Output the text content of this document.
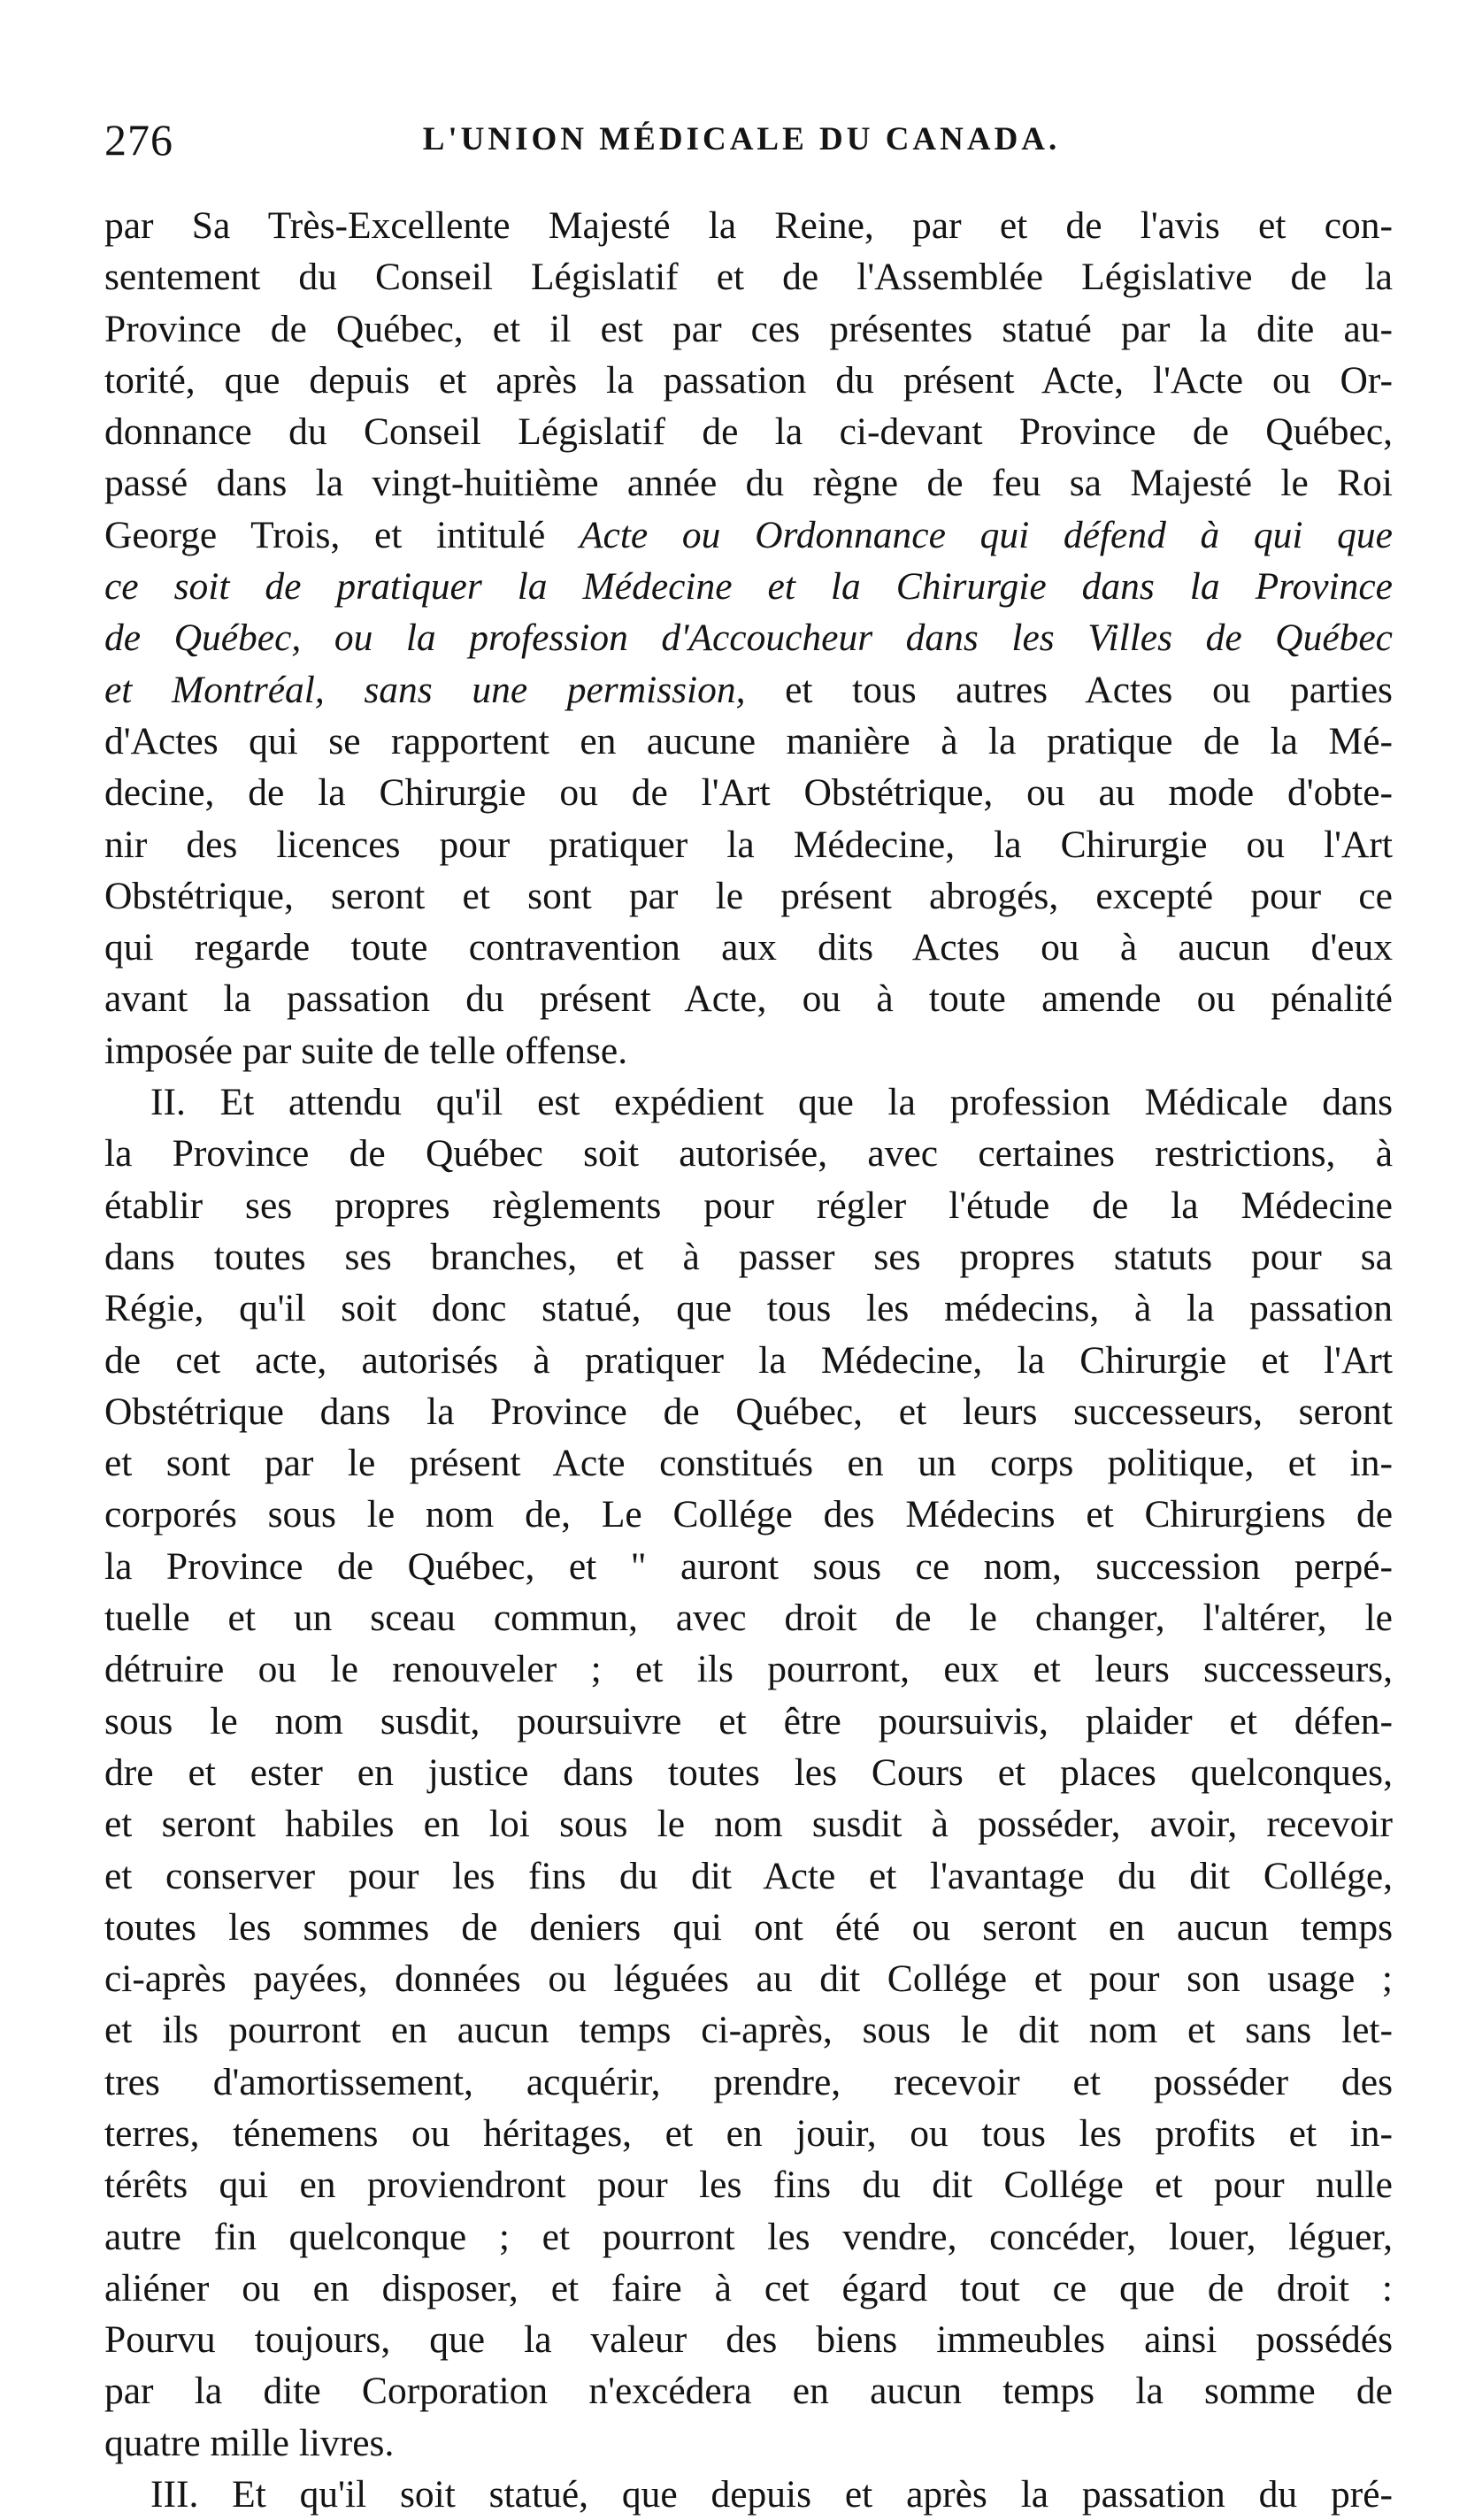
276	L'UNION MÉDICALE DU CANADA.
par Sa Très-Excellente Majesté la Reine, par et de l'avis et con-
sentement du Conseil Législatif et de l'Assemblée Législative de la
Province de Québec, et il est par ces présentes statué par la dite au-
torité, que depuis et après la passation du présent Acte, l'Acte ou Or-
donnance du Conseil Législatif de la ci-devant Province de Québec,
passé dans la vingt-huitième année du règne de feu sa Majesté le Roi
George Trois, et intitulé Acte ou Ordonnance qui défend à qui que
ce soit de pratiquer la Médecine et la Chirurgie dans la Province
de Québec, ou la profession d'Accoucheur dans les Villes de Québec
et Montréal, sans une permission, et tous autres Actes ou parties
d'Actes qui se rapportent en aucune manière à la pratique de la Mé-
decine, de la Chirurgie ou de l'Art Obstétrique, ou au mode d'obte-
nir des licences pour pratiquer la Médecine, la Chirurgie ou l'Art
Obstétrique, seront et sont par le présent abrogés, excepté pour ce
qui regarde toute contravention aux dits Actes ou à aucun d'eux
avant la passation du présent Acte, ou à toute amende ou pénalité
imposée par suite de telle offense.
II. Et attendu qu'il est expédient que la profession Médicale dans
la Province de Québec soit autorisée, avec certaines restrictions, à
établir ses propres règlements pour régler l'étude de la Médecine
dans toutes ses branches, et à passer ses propres statuts pour sa
Régie, qu'il soit donc statué, que tous les médecins, à la passation
de cet acte, autorisés à pratiquer la Médecine, la Chirurgie et l'Art
Obstétrique dans la Province de Québec, et leurs successeurs, seront
et sont par le présent Acte constitués en un corps politique, et in-
corporés sous le nom de, Le Collége des Médecins et Chirurgiens de
la Province de Québec, et " auront sous ce nom, succession perpé-
tuelle et un sceau commun, avec droit de le changer, l'altérer, le
détruire ou le renouveler ; et ils pourront, eux et leurs successeurs,
sous le nom susdit, poursuivre et être poursuivis, plaider et défen-
dre et ester en justice dans toutes les Cours et places quelconques,
et seront habiles en loi sous le nom susdit à posséder, avoir, recevoir
et conserver pour les fins du dit Acte et l'avantage du dit Collége,
toutes les sommes de deniers qui ont été ou seront en aucun temps
ci-après payées, données ou léguées au dit Collége et pour son usage ;
et ils pourront en aucun temps ci-après, sous le dit nom et sans let-
tres d'amortissement, acquérir, prendre, recevoir et posséder des
terres, ténemens ou héritages, et en jouir, ou tous les profits et in-
térêts qui en proviendront pour les fins du dit Collége et pour nulle
autre fin quelconque ; et pourront les vendre, concéder, louer, léguer,
aliéner ou en disposer, et faire à cet égard tout ce que de droit :
Pourvu toujours, que la valeur des biens immeubles ainsi possédés
par la dite Corporation n'excédera en aucun temps la somme de
quatre mille livres.
III. Et qu'il soit statué, que depuis et après la passation du pré-
